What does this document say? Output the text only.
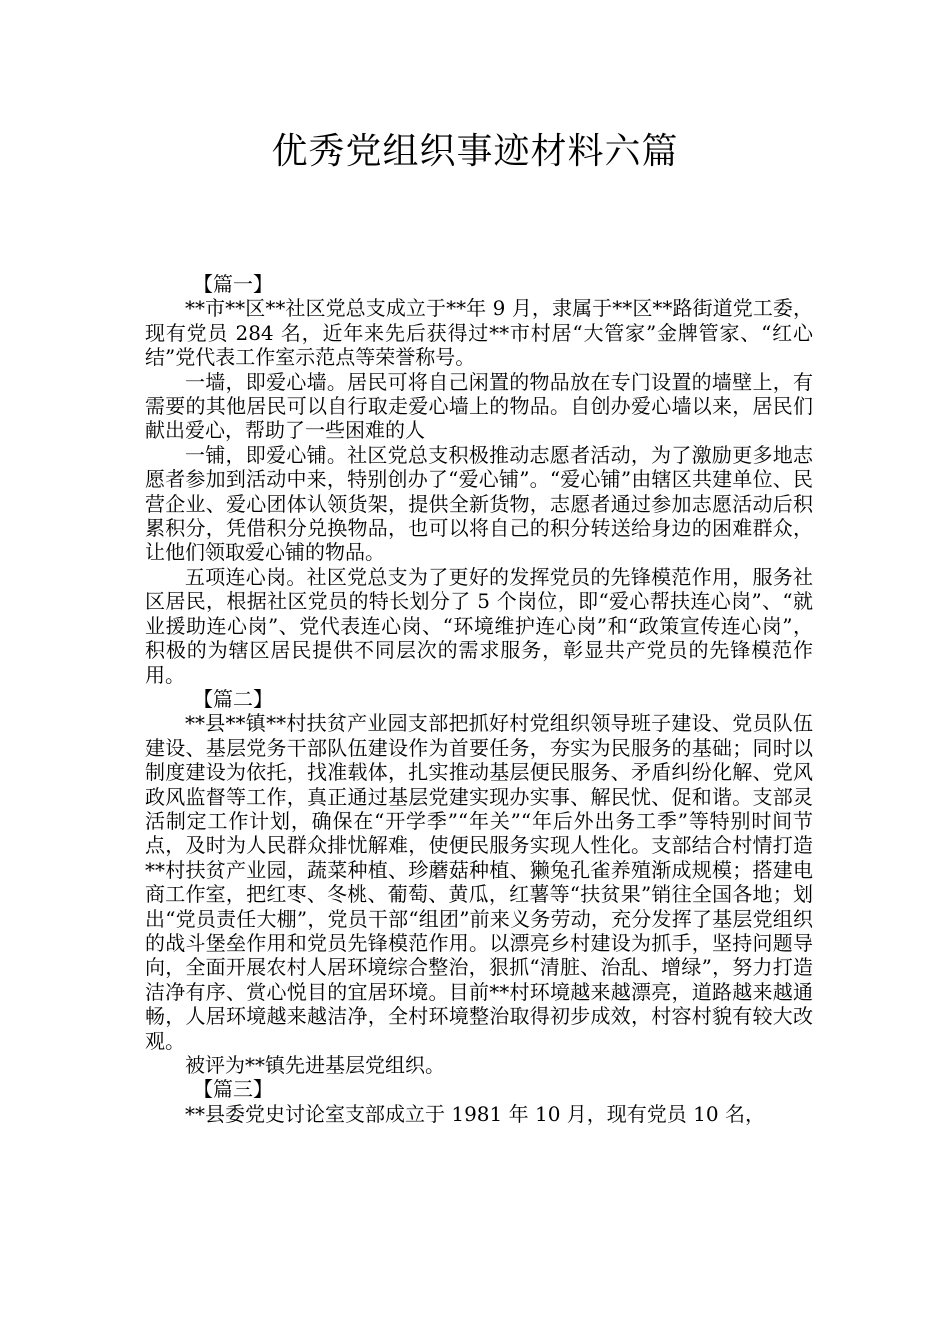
优秀党组织事迹材料六篇

【篇一】

**市**区**社区党总支成立于**年 9 月，隶属于**区**路街道党工委，现有党员 284 名，近年来先后获得过**市村居“大管家”金牌管家、“红心结”党代表工作室示范点等荣誉称号。

一墙，即爱心墙。居民可将自己闲置的物品放在专门设置的墙壁上，有需要的其他居民可以自行取走爱心墙上的物品。自创办爱心墙以来，居民们献出爱心，帮助了一些困难的人

一铺，即爱心铺。社区党总支积极推动志愿者活动，为了激励更多地志愿者参加到活动中来，特别创办了“爱心铺”。“爱心铺”由辖区共建单位、民营企业、爱心团体认领货架，提供全新货物，志愿者通过参加志愿活动后积累积分，凭借积分兑换物品，也可以将自己的积分转送给身边的困难群众，让他们领取爱心铺的物品。

五项连心岗。社区党总支为了更好的发挥党员的先锋模范作用，服务社区居民，根据社区党员的特长划分了 5 个岗位，即“爱心帮扶连心岗”、“就业援助连心岗”、党代表连心岗、“环境维护连心岗”和“政策宣传连心岗”，积极的为辖区居民提供不同层次的需求服务，彰显共产党员的先锋模范作用。

【篇二】

**县**镇**村扶贫产业园支部把抓好村党组织领导班子建设、党员队伍建设、基层党务干部队伍建设作为首要任务，夯实为民服务的基础；同时以制度建设为依托，找准载体，扎实推动基层便民服务、矛盾纠纷化解、党风政风监督等工作，真正通过基层党建实现办实事、解民忧、促和谐。支部灵活制定工作计划，确保在“开学季”“年关”“年后外出务工季”等特别时间节点，及时为人民群众排忧解难，使便民服务实现人性化。支部结合村情打造**村扶贫产业园，蔬菜种植、珍蘑菇种植、獭兔孔雀养殖渐成规模；搭建电商工作室，把红枣、冬桃、葡萄、黄瓜，红薯等“扶贫果”销往全国各地；划出“党员责任大棚”，党员干部“组团”前来义务劳动，充分发挥了基层党组织的战斗堡垒作用和党员先锋模范作用。以漂亮乡村建设为抓手，坚持问题导向，全面开展农村人居环境综合整治，狠抓“清脏、治乱、增绿”，努力打造洁净有序、赏心悦目的宜居环境。目前**村环境越来越漂亮，道路越来越通畅，人居环境越来越洁净，全村环境整治取得初步成效，村容村貌有较大改观。

被评为**镇先进基层党组织。

【篇三】

**县委党史讨论室支部成立于 1981 年 10 月，现有党员 10 名，
